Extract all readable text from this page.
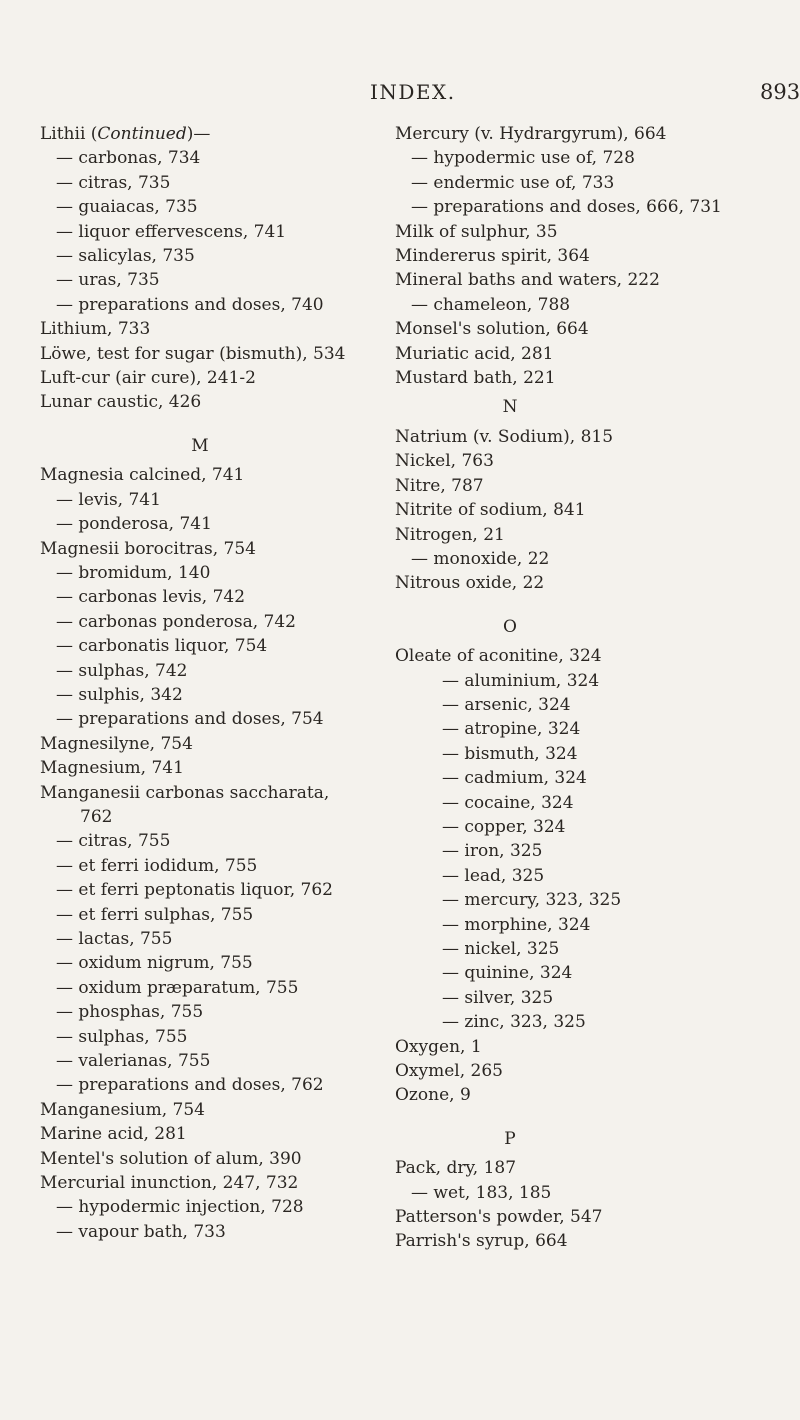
INDEX.	893
Lithii (Continued)—
— carbonas, 734
— citras, 735
— guaiacas, 735
— liquor effervescens, 741
— salicylas, 735
— uras, 735
— preparations and doses, 740
Lithium, 733
Löwe, test for sugar (bismuth), 534
Luft-cur (air cure), 241-2
Lunar caustic, 426
M
Magnesia calcined, 741
— levis, 741
— ponderosa, 741
Magnesii borocitras, 754
— bromidum, 140
— carbonas levis, 742
— carbonas ponderosa, 742
— carbonatis liquor, 754
— sulphas, 742
— sulphis, 342
— preparations and doses, 754
Magnesilyne, 754
Magnesium, 741
Manganesii carbonas saccharata,
762
— citras, 755
— et ferri iodidum, 755
— et ferri peptonatis liquor, 762
— et ferri sulphas, 755
— lactas, 755
— oxidum nigrum, 755
— oxidum præparatum, 755
— phosphas, 755
— sulphas, 755
— valerianas, 755
— preparations and doses, 762
Manganesium, 754
Marine acid, 281
Mentel's solution of alum, 390
Mercurial inunction, 247, 732
— hypodermic injection, 728
— vapour bath, 733
Mercury (v. Hydrargyrum), 664
— hypodermic use of, 728
— endermic use of, 733
— preparations and doses, 666, 731
Milk of sulphur, 35
Mindererus spirit, 364
Mineral baths and waters, 222
— chameleon, 788
Monsel's solution, 664
Muriatic acid, 281
Mustard bath, 221
N
Natrium (v. Sodium), 815
Nickel, 763
Nitre, 787
Nitrite of sodium, 841
Nitrogen, 21
— monoxide, 22
Nitrous oxide, 22
O
Oleate of aconitine, 324
— aluminium, 324
— arsenic, 324
— atropine, 324
— bismuth, 324
— cadmium, 324
— cocaine, 324
— copper, 324
— iron, 325
— lead, 325
— mercury, 323, 325
— morphine, 324
— nickel, 325
— quinine, 324
— silver, 325
— zinc, 323, 325
Oxygen, 1
Oxymel, 265
Ozone, 9
P
Pack, dry, 187
— wet, 183, 185
Patterson's powder, 547
Parrish's syrup, 664
